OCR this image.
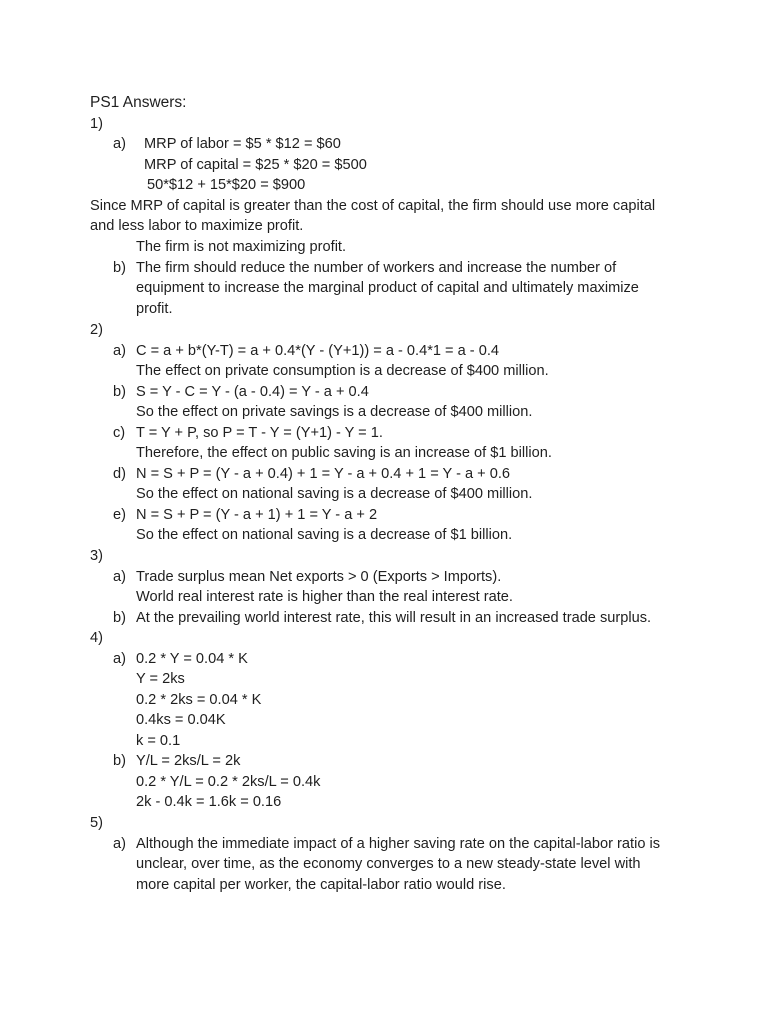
PS1 Answers:
1)
a) MRP of labor = $5 * $12 = $60
MRP of capital = $25 * $20 = $500
50*$12 + 15*$20 = $900
Since MRP of capital is greater than the cost of capital, the firm should use more capital
and less labor to maximize profit.
The firm is not maximizing profit.
b) The firm should reduce the number of workers and increase the number of
equipment to increase the marginal product of capital and ultimately maximize
profit.
2)
a) C = a + b*(Y-T) = a + 0.4*(Y - (Y+1)) = a - 0.4*1 = a - 0.4
The effect on private consumption is a decrease of $400 million.
b) S = Y - C = Y - (a - 0.4) = Y - a + 0.4
So the effect on private savings is a decrease of $400 million.
c) T = Y + P, so P = T - Y = (Y+1) - Y = 1.
Therefore, the effect on public saving is an increase of $1 billion.
d) N = S + P = (Y - a + 0.4) + 1 = Y - a + 0.4 + 1 = Y - a + 0.6
So the effect on national saving is a decrease of $400 million.
e) N = S + P = (Y - a + 1) + 1 = Y - a + 2
So the effect on national saving is a decrease of $1 billion.
3)
a) Trade surplus mean Net exports > 0 (Exports > Imports).
World real interest rate is higher than the real interest rate.
b) At the prevailing world interest rate, this will result in an increased trade surplus.
4)
a) 0.2 * Y = 0.04 * K
Y = 2ks
0.2 * 2ks = 0.04 * K
0.4ks = 0.04K
k = 0.1
b) Y/L = 2ks/L = 2k
0.2 * Y/L = 0.2 * 2ks/L = 0.4k
2k - 0.4k = 1.6k = 0.16
5)
a) Although the immediate impact of a higher saving rate on the capital-labor ratio is
unclear, over time, as the economy converges to a new steady-state level with
more capital per worker, the capital-labor ratio would rise.
